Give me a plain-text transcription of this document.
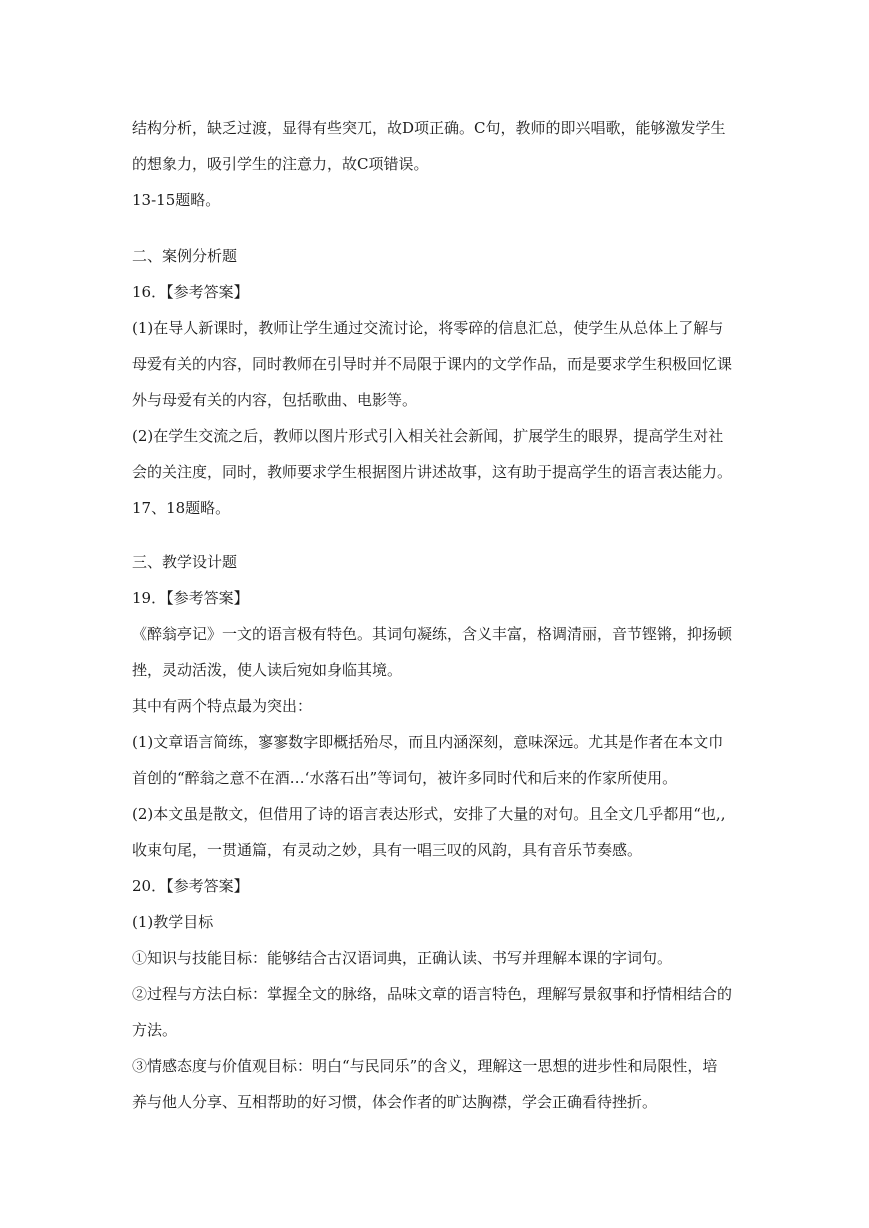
结构分析，缺乏过渡，显得有些突兀，故D项正确。C句，教师的即兴唱歌，能够激发学生
的想象力，吸引学生的注意力，故C项错误。
13-15题略。
二、案例分析题
16．【参考答案】
(1)在导人新课时，教师让学生通过交流讨论，将零碎的信息汇总，使学生从总体上了解与
母爱有关的内容，同时教师在引导时并不局限于课内的文学作品，而是要求学生积极回忆课
外与母爱有关的内容，包括歌曲、电影等。
(2)在学生交流之后，教师以图片形式引入相关社会新闻，扩展学生的眼界，提高学生对社
会的关注度，同时，教师要求学生根据图片讲述故事，这有助于提高学生的语言表达能力。
17、18题略。
三、教学设计题
19．【参考答案】
《醉翁亭记》一文的语言极有特色。其词句凝练，含义丰富，格调清丽，音节铿锵，抑扬顿
挫，灵动活泼，使人读后宛如身临其境。
其中有两个特点最为突出：
(1)文章语言简练，寥寥数字即概括殆尽，而且内涵深刻，意味深远。尤其是作者在本文巾
首创的“醉翁之意不在酒…‘水落石出”等词句，被许多同时代和后来的作家所使用。
(2)本文虽是散文，但借用了诗的语言表达形式，安排了大量的对句。且全文几乎都用“也,,
收束句尾，一贯通篇，有灵动之妙，具有一唱三叹的风韵，具有音乐节奏感。
20．【参考答案】
(1)教学目标
①知识与技能目标：能够结合古汉语词典，正确认读、书写并理解本课的字词句。
②过程与方法白标：掌握全文的脉络，品味文章的语言特色，理解写景叙事和抒情相结合的
方法。
③情感态度与价值观目标：明白“与民同乐”的含义，理解这一思想的进步性和局限性，培
养与他人分享、互相帮助的好习惯，体会作者的旷达胸襟，学会正确看待挫折。
